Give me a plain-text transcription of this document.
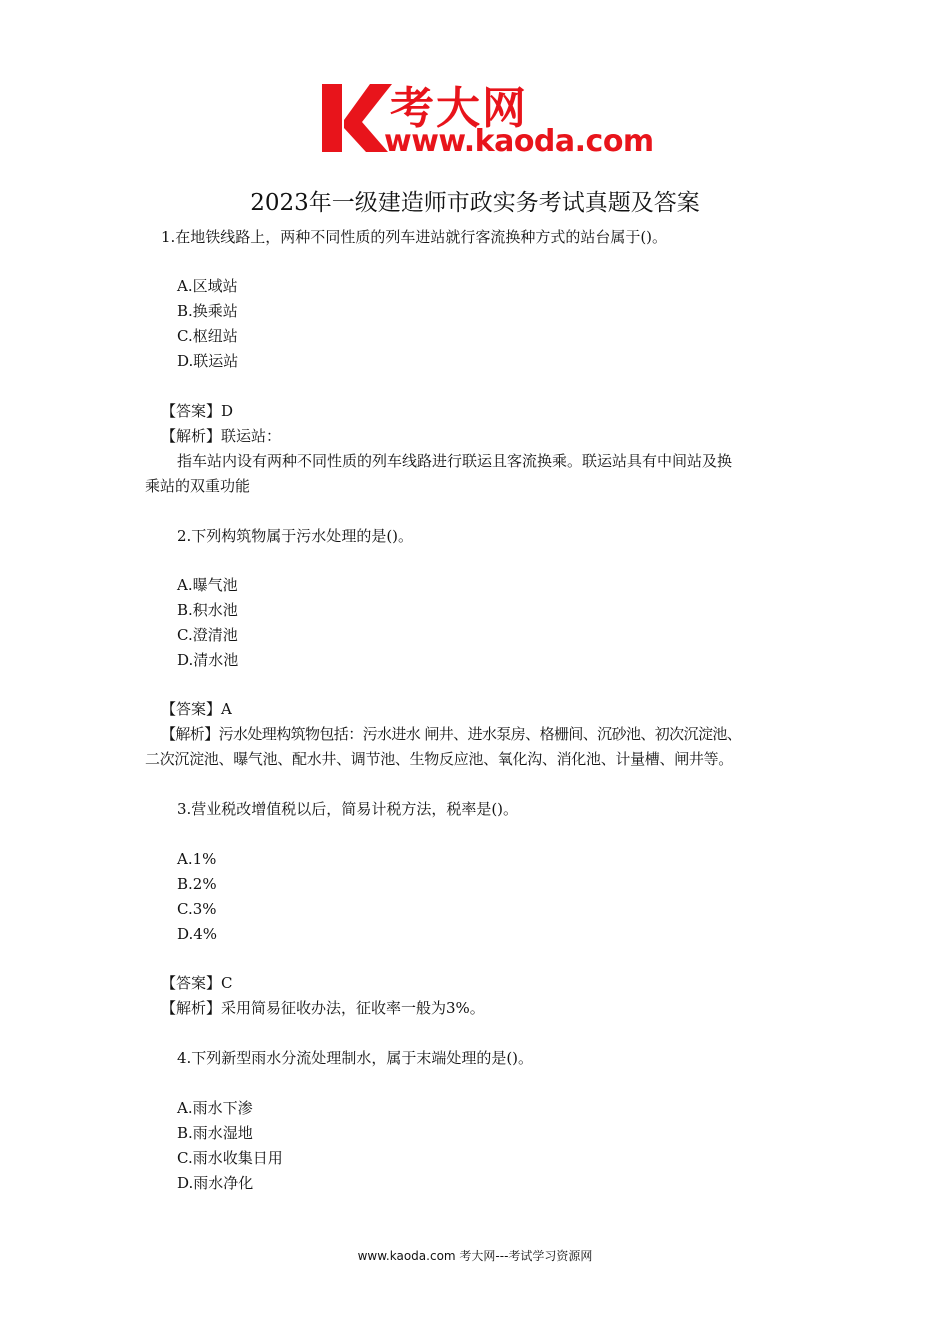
考大网
www.kaoda.com
2023年一级建造师市政实务考试真题及答案
1.在地铁线路上，两种不同性质的列车进站就行客流换种方式的站台属于()。
A.区域站
B.换乘站
C.枢纽站
D.联运站
【答案】D
【解析】联运站：
指车站内设有两种不同性质的列车线路进行联运且客流换乘。联运站具有中间站及换
乘站的双重功能
2.下列构筑物属于污水处理的是()。
A.曝气池
B.积水池
C.澄清池
D.清水池
【答案】A
【解析】污水处理构筑物包括：污水进水 闸井、进水泵房、格栅间、沉砂池、初次沉淀池、
二次沉淀池、曝气池、配水井、调节池、生物反应池、氧化沟、消化池、计量槽、闸井等。
3.营业税改增值税以后，简易计税方法，税率是()。
A.1%
B.2%
C.3%
D.4%
【答案】C
【解析】采用简易征收办法，征收率一般为3%。
4.下列新型雨水分流处理制水，属于末端处理的是()。
A.雨水下渗
B.雨水湿地
C.雨水收集日用
D.雨水净化
www.kaoda.com 考大网---考试学习资源网
